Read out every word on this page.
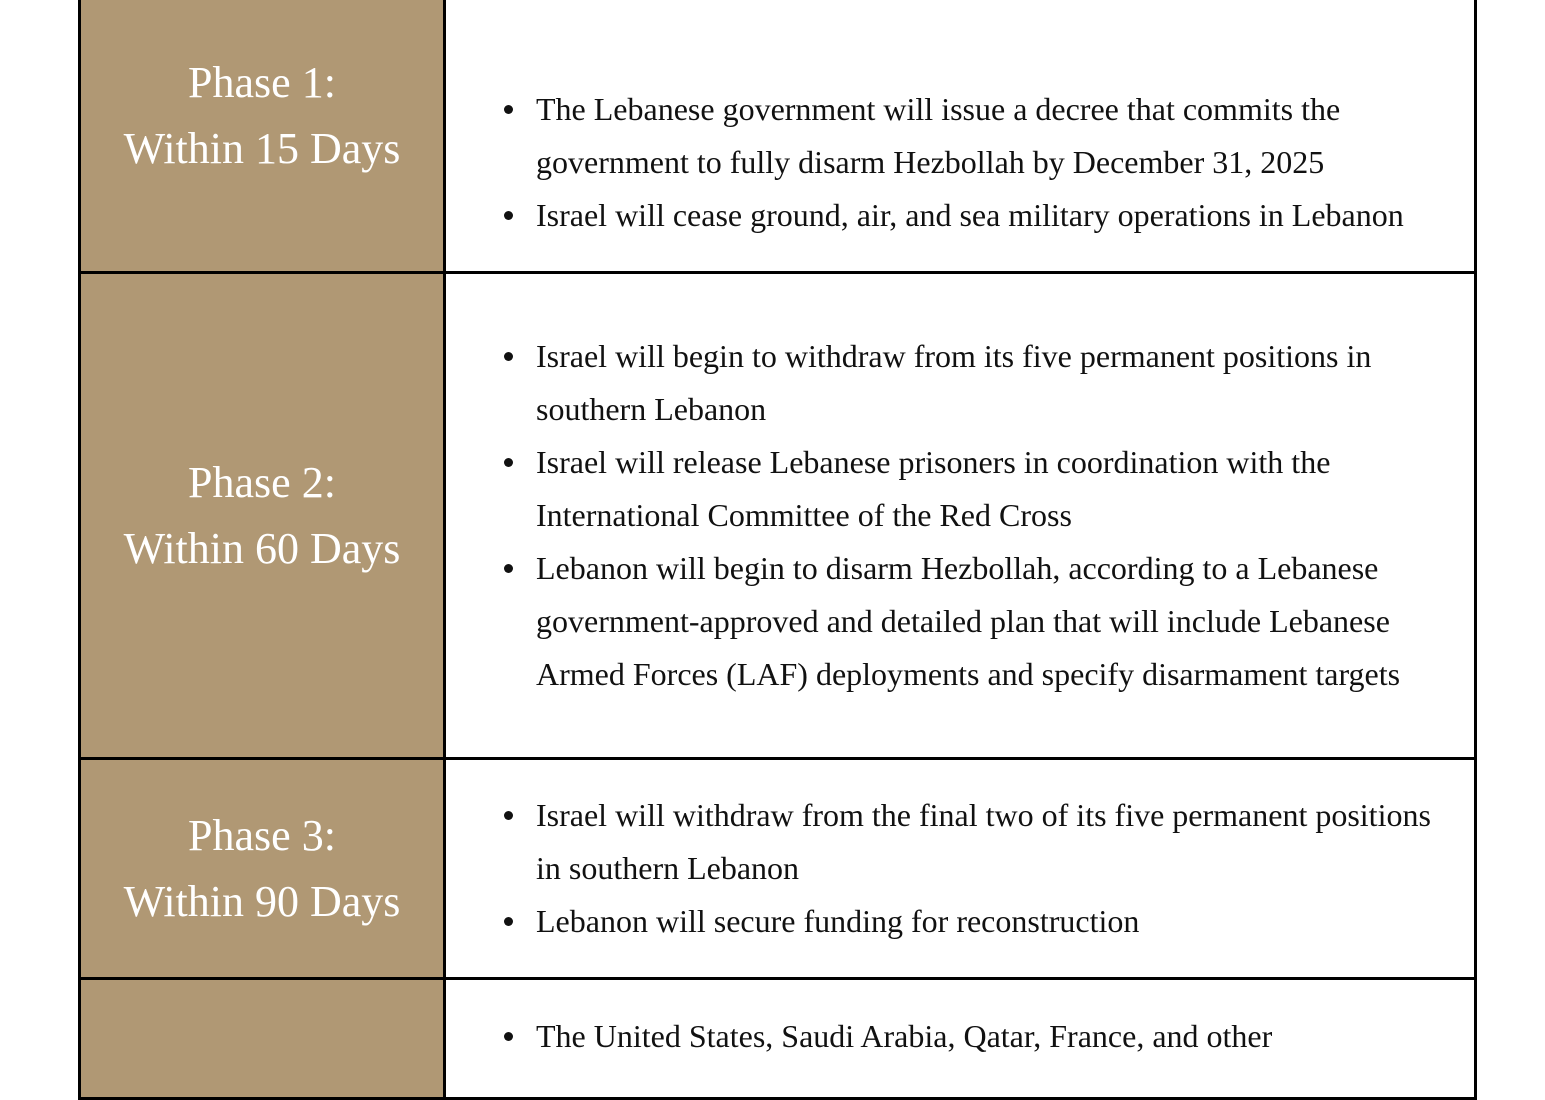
Phase 1:
Within 15 Days
The Lebanese government will issue a decree that commits the government to fully disarm Hezbollah by December 31, 2025
Israel will cease ground, air, and sea military operations in Lebanon
Phase 2:
Within 60 Days
Israel will begin to withdraw from its five permanent positions in southern Lebanon
Israel will release Lebanese prisoners in coordination with the International Committee of the Red Cross
Lebanon will begin to disarm Hezbollah, according to a Lebanese government-approved and detailed plan that will include Lebanese Armed Forces (LAF) deployments and specify disarmament targets
Phase 3:
Within 90 Days
Israel will withdraw from the final two of its five permanent positions in southern Lebanon
Lebanon will secure funding for reconstruction
The United States, Saudi Arabia, Qatar, France, and other
